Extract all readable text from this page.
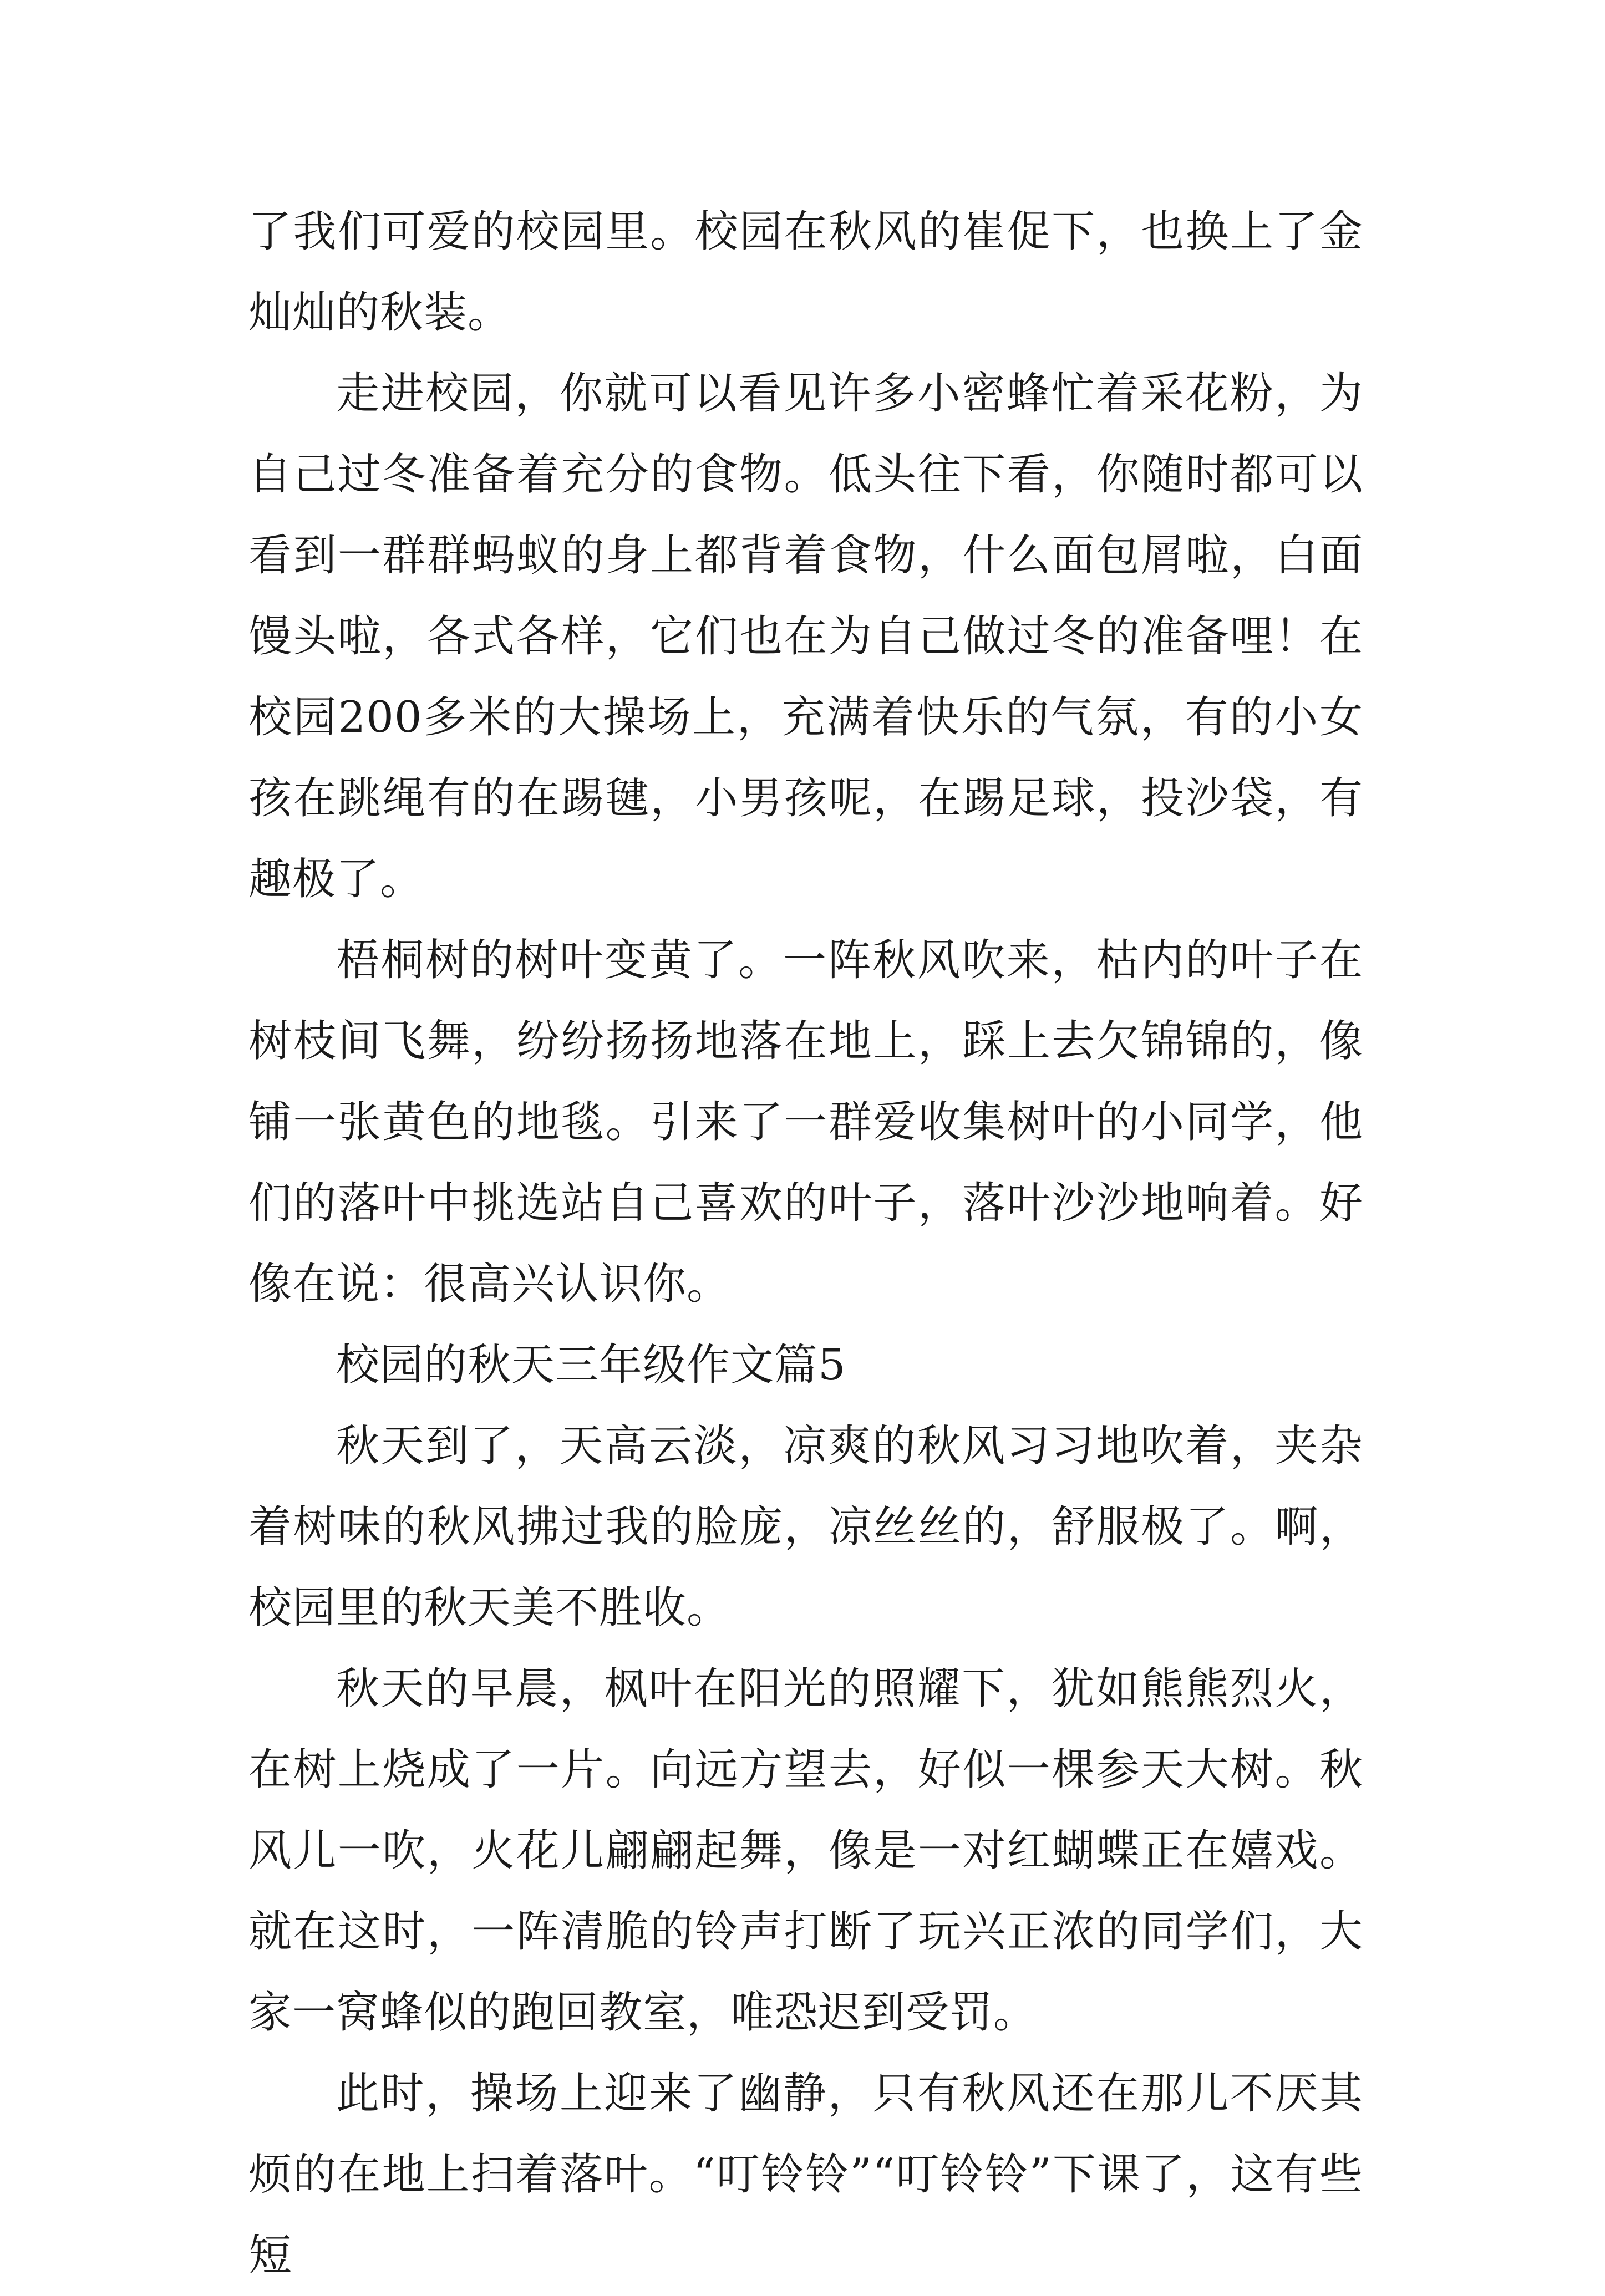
了我们可爱的校园里。校园在秋风的崔促下，也换上了金灿灿的秋装。

走进校园，你就可以看见许多小密蜂忙着采花粉，为自己过冬准备着充分的食物。低头往下看，你随时都可以看到一群群蚂蚁的身上都背着食物，什么面包屑啦，白面馒头啦，各式各样，它们也在为自己做过冬的准备哩！在校园200多米的大操场上，充满着快乐的气氛，有的小女孩在跳绳有的在踢毽，小男孩呢，在踢足球，投沙袋，有趣极了。

梧桐树的树叶变黄了。一阵秋风吹来，枯内的叶子在树枝间飞舞，纷纷扬扬地落在地上，踩上去欠锦锦的，像铺一张黄色的地毯。引来了一群爱收集树叶的小同学，他们的落叶中挑选站自己喜欢的叶子，落叶沙沙地响着。好像在说：很高兴认识你。

校园的秋天三年级作文篇5

秋天到了，天高云淡，凉爽的秋风习习地吹着，夹杂着树味的秋风拂过我的脸庞，凉丝丝的，舒服极了。啊，校园里的秋天美不胜收。

秋天的早晨，枫叶在阳光的照耀下，犹如熊熊烈火，在树上烧成了一片。向远方望去，好似一棵参天大树。秋风儿一吹，火花儿翩翩起舞，像是一对红蝴蝶正在嬉戏。就在这时，一阵清脆的铃声打断了玩兴正浓的同学们，大家一窝蜂似的跑回教室，唯恐迟到受罚。

此时，操场上迎来了幽静，只有秋风还在那儿不厌其烦的在地上扫着落叶。“叮铃铃”“叮铃铃”下课了，这有些短
